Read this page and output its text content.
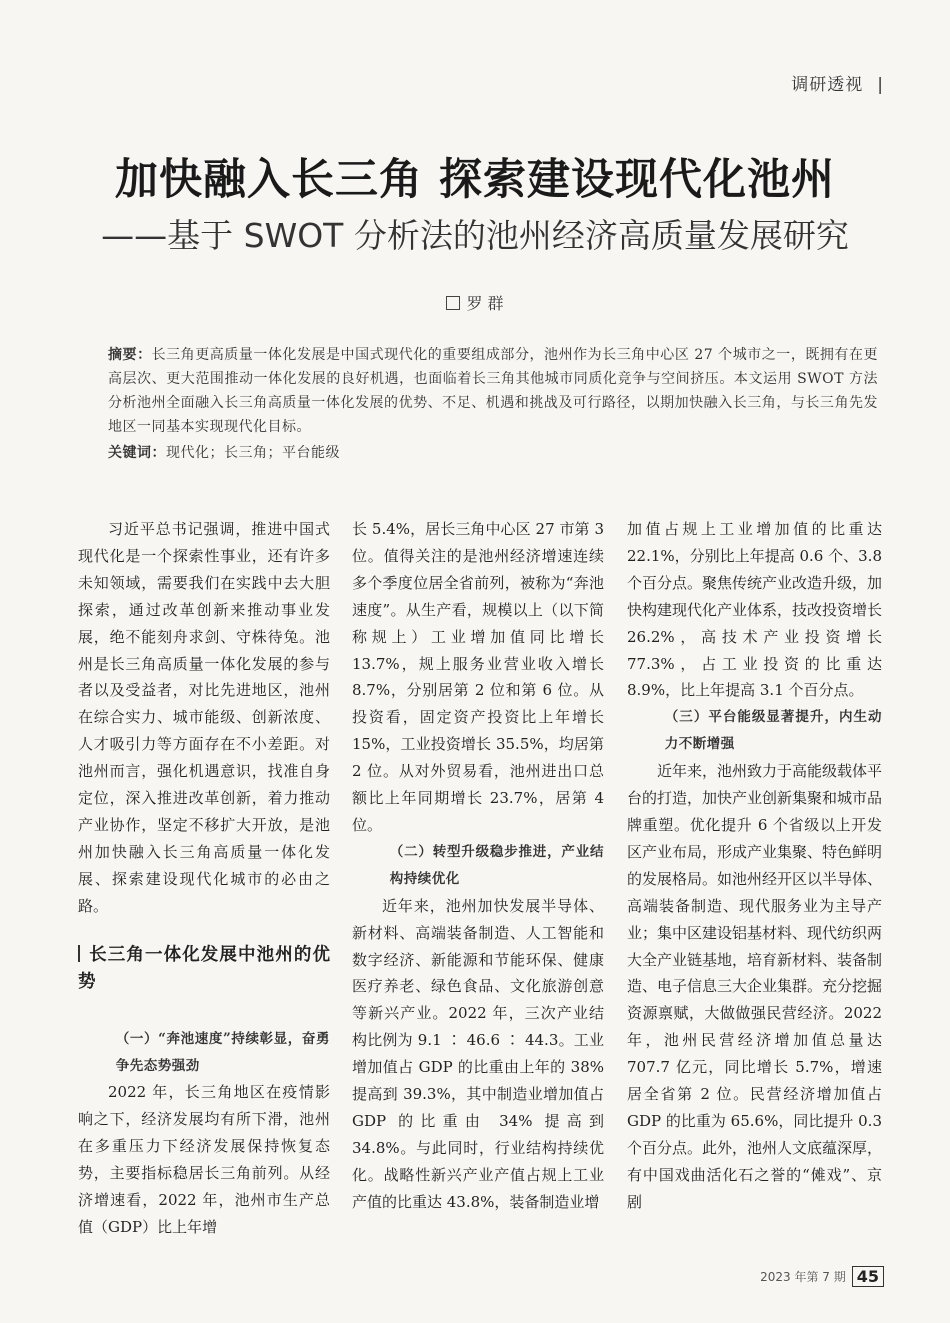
调研透视 |
加快融入长三角 探索建设现代化池州
——基于 SWOT 分析法的池州经济高质量发展研究
罗 群
摘要：长三角更高质量一体化发展是中国式现代化的重要组成部分，池州作为长三角中心区 27 个城市之一，既拥有在更高层次、更大范围推动一体化发展的良好机遇，也面临着长三角其他城市同质化竞争与空间挤压。本文运用 SWOT 方法分析池州全面融入长三角高质量一体化发展的优势、不足、机遇和挑战及可行路径，以期加快融入长三角，与长三角先发地区一同基本实现现代化目标。
关键词：现代化；长三角；平台能级

习近平总书记强调，推进中国式现代化是一个探索性事业，还有许多未知领域，需要我们在实践中去大胆探索，通过改革创新来推动事业发展，绝不能刻舟求剑、守株待兔。池州是长三角高质量一体化发展的参与者以及受益者，对比先进地区，池州在综合实力、城市能级、创新浓度、人才吸引力等方面存在不小差距。对池州而言，强化机遇意识，找准自身定位，深入推进改革创新，着力推动产业协作，坚定不移扩大开放，是池州加快融入长三角高质量一体化发展、探索建设现代化城市的必由之路。

长三角一体化发展中池州的优势
（一）“奔池速度”持续彰显，奋勇争先态势强劲

2022 年，长三角地区在疫情影响之下，经济发展均有所下滑，池州在多重压力下经济发展保持恢复态势，主要指标稳居长三角前列。从经济增速看，2022 年，池州市生产总值（GDP）比上年增

长 5.4%，居长三角中心区 27 市第 3 位。值得关注的是池州经济增速连续多个季度位居全省前列，被称为“奔池速度”。从生产看，规模以上（以下简称规上）工业增加值同比增长 13.7%，规上服务业营业收入增长 8.7%，分别居第 2 位和第 6 位。从投资看，固定资产投资比上年增长 15%，工业投资增长 35.5%，均居第 2 位。从对外贸易看，池州进出口总额比上年同期增长 23.7%，居第 4 位。

（二）转型升级稳步推进，产业结构持续优化

近年来，池州加快发展半导体、新材料、高端装备制造、人工智能和数字经济、新能源和节能环保、健康医疗养老、绿色食品、文化旅游创意等新兴产业。2022 年，三次产业结构比例为 9.1 ∶ 46.6 ∶ 44.3。工业增加值占 GDP 的比重由上年的 38% 提高到 39.3%，其中制造业增加值占 GDP 的比重由 34% 提高到 34.8%。与此同时，行业结构持续优化。战略性新兴产业产值占规上工业产值的比重达 43.8%，装备制造业增

加值占规上工业增加值的比重达 22.1%，分别比上年提高 0.6 个、3.8 个百分点。聚焦传统产业改造升级，加快构建现代化产业体系，技改投资增长 26.2%，高技术产业投资增长 77.3%，占工业投资的比重达 8.9%，比上年提高 3.1 个百分点。

（三）平台能级显著提升，内生动力不断增强

近年来，池州致力于高能级载体平台的打造，加快产业创新集聚和城市品牌重塑。优化提升 6 个省级以上开发区产业布局，形成产业集聚、特色鲜明的发展格局。如池州经开区以半导体、高端装备制造、现代服务业为主导产业；集中区建设铝基材料、现代纺织两大全产业链基地，培育新材料、装备制造、电子信息三大企业集群。充分挖掘资源禀赋，大做做强民营经济。2022 年，池州民营经济增加值总量达 707.7 亿元，同比增长 5.7%，增速居全省第 2 位。民营经济增加值占 GDP 的比重为 65.6%，同比提升 0.3 个百分点。此外，池州人文底蕴深厚，有中国戏曲活化石之誉的“傩戏”、京剧

2023 年第 7 期 45
